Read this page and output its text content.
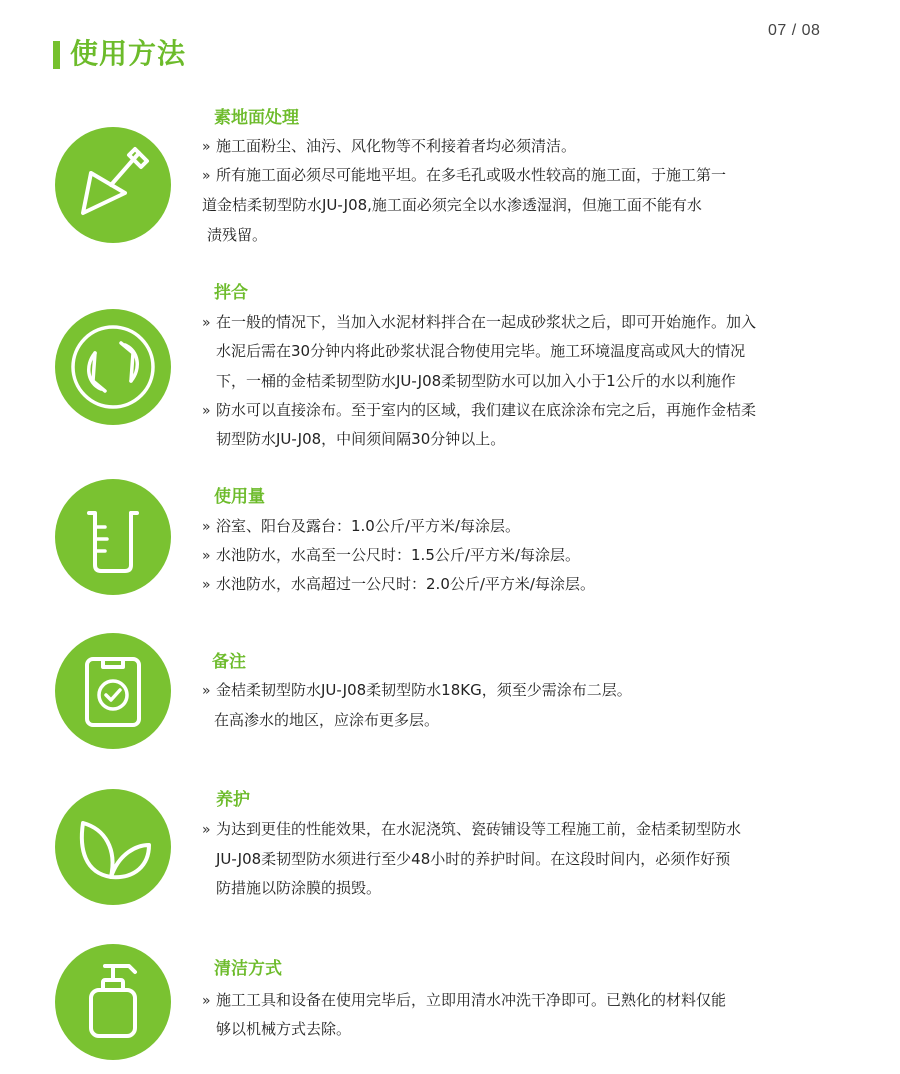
07 / 08
使用方法
素地面处理
» 施工面粉尘、油污、风化物等不利接着者均必须清洁。
» 所有施工面必须尽可能地平坦。在多毛孔或吸水性较高的施工面，于施工第一
道金桔柔韧型防水JU-J08,施工面必须完全以水渗透湿润，但施工面不能有水
渍残留。
拌合
» 在一般的情况下，当加入水泥材料拌合在一起成砂浆状之后，即可开始施作。加入
水泥后需在30分钟内将此砂浆状混合物使用完毕。施工环境温度高或风大的情况
下，一桶的金桔柔韧型防水JU-J08柔韧型防水可以加入小于1公斤的水以利施作
» 防水可以直接涂布。至于室内的区域，我们建议在底涂涂布完之后，再施作金桔柔
韧型防水JU-J08，中间须间隔30分钟以上。
使用量
» 浴室、阳台及露台：1.0公斤/平方米/每涂层。
» 水池防水，水高至一公尺时：1.5公斤/平方米/每涂层。
» 水池防水，水高超过一公尺时：2.0公斤/平方米/每涂层。
备注
» 金桔柔韧型防水JU-J08柔韧型防水18KG，须至少需涂布二层。
在高渗水的地区，应涂布更多层。
养护
» 为达到更佳的性能效果，在水泥浇筑、瓷砖铺设等工程施工前，金桔柔韧型防水
JU-J08柔韧型防水须进行至少48小时的养护时间。在这段时间内，必须作好预
防措施以防涂膜的损毁。
清洁方式
» 施工工具和设备在使用完毕后，立即用清水冲洗干净即可。已熟化的材料仅能
够以机械方式去除。
